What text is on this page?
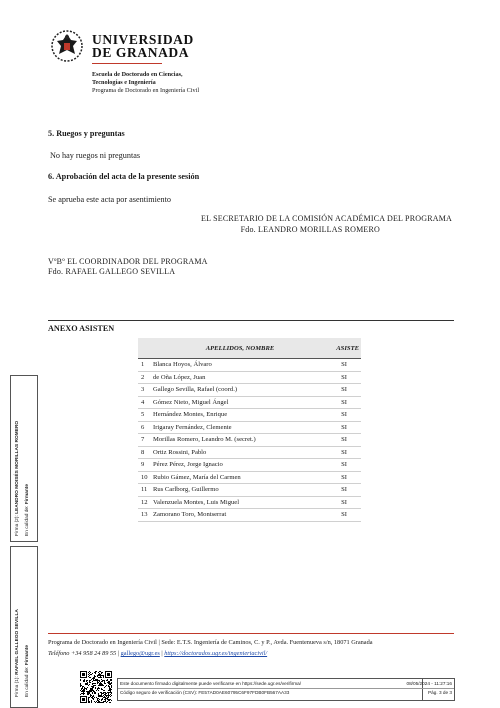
UNIVERSIDAD
DE GRANADA
Escuela de Doctorado en Ciencias,
Tecnologías e Ingeniería
Programa de Doctorado en Ingeniería Civil
5. Ruegos y preguntas
No hay ruegos ni preguntas
6. Aprobación del acta de la presente sesión
Se aprueba este acta por asentimiento
EL SECRETARIO DE LA COMISIÓN ACADÉMICA DEL PROGRAMA
Fdo. LEANDRO MORILLAS ROMERO
VºBº EL COORDINADOR DEL PROGRAMA
Fdo. RAFAEL GALLEGO SEVILLA
ANEXO ASISTEN
	APELLIDOS, NOMBRE	ASISTE
1	Blanca Hoyos, Álvaro	SI
2	de Oña López, Juan	SI
3	Gallego Sevilla, Rafael (coord.)	SI
4	Gómez Nieto, Miguel Ángel	SI
5	Hernández Montes, Enrique	SI
6	Irigaray Fernández, Clemente	SI
7	Morillas Romero, Leandro M. (secret.)	SI
8	Ortiz Rossini, Pablo	SI
9	Pérez Pérez, Jorge Ignacio	SI
10	Rubio Gámez, María del Carmen	SI
11	Rus Carlborg, Guillermo	SI
12	Valenzuela Montes, Luis Miguel	SI
13	Zamorano Toro, Montserrat	SI
Firma (2): LEANDRO MOISÉS MORILLAS ROMERO
En calidad de: Firmante
Firma (1): RAFAEL GALLEGO SEVILLA
En calidad de: Firmante
Programa de Doctorado en Ingeniería Civil | Sede: E.T.S. Ingeniería de Caminos, C. y P., Avda. Fuentenueva s/n, 18071 Granada
Teléfono +34 958 24 89 55 | gallego@ugr.es | https://doctorados.ugr.es/ingenieriacivil/
Este documento firmado digitalmente puede verificarse en https://sede.ugr.es/verifirma/
Código seguro de verificación (CSV): FE57AD0AE60795C6F97FDB0FB567AA33
08/05/2024 - 11:27:16
Pág. 3 de 3
